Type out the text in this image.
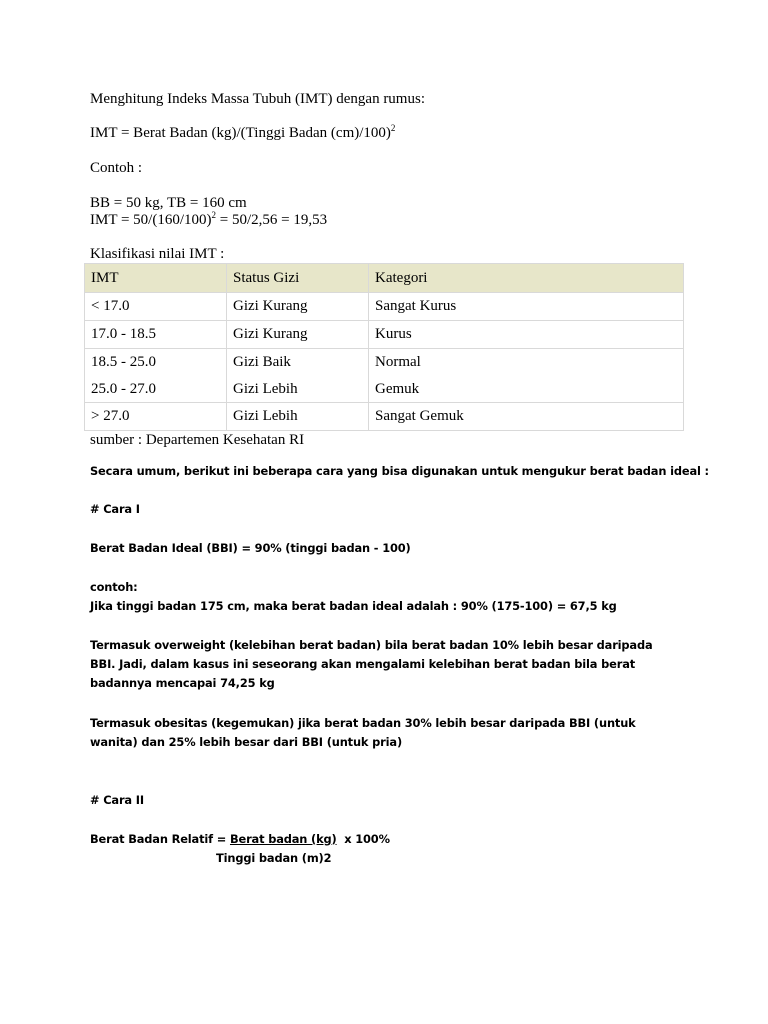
Menghitung Indeks Massa Tubuh (IMT) dengan rumus:

IMT = Berat Badan (kg)/(Tinggi Badan (cm)/100)$^2$

Contoh :

BB = 50 kg, TB = 160 cm

IMT = $50/(160/100)^2 = 50/2,56 = 19,53$

Klasifikasi nilai IMT :

IMT	Status Gizi	Kategori
< 17.0	Gizi Kurang	Sangat Kurus
17.0 - 18.5	Gizi Kurang	Kurus
18.5 - 25.0	Gizi Baik	Normal
25.0 - 27.0	Gizi Lebih	Gemuk
> 27.0	Gizi Lebih	Sangat Gemuk

sumber : Departemen Kesehatan RI

Secara umum, berikut ini beberapa cara yang bisa digunakan untuk mengukur berat badan ideal :

# Cara I

Berat Badan Ideal (BBI) = 90% (tinggi badan - 100)

contoh:

Jika tinggi badan 175 cm, maka berat badan ideal adalah : 90% (175-100) = 67,5 kg

Termasuk overweight (kelebihan berat badan) bila berat badan 10% lebih besar daripada BBI. Jadi, dalam kasus ini seseorang akan mengalami kelebihan berat badan bila berat badannya mencapai 74,25 kg

Termasuk obesitas (kegemukan) jika berat badan 30% lebih besar daripada BBI (untuk wanita) dan 25% lebih besar dari BBI (untuk pria)

# Cara II

Berat Badan Relatif = Berat badan (kg)  x 100%

Tinggi badan (m)2
